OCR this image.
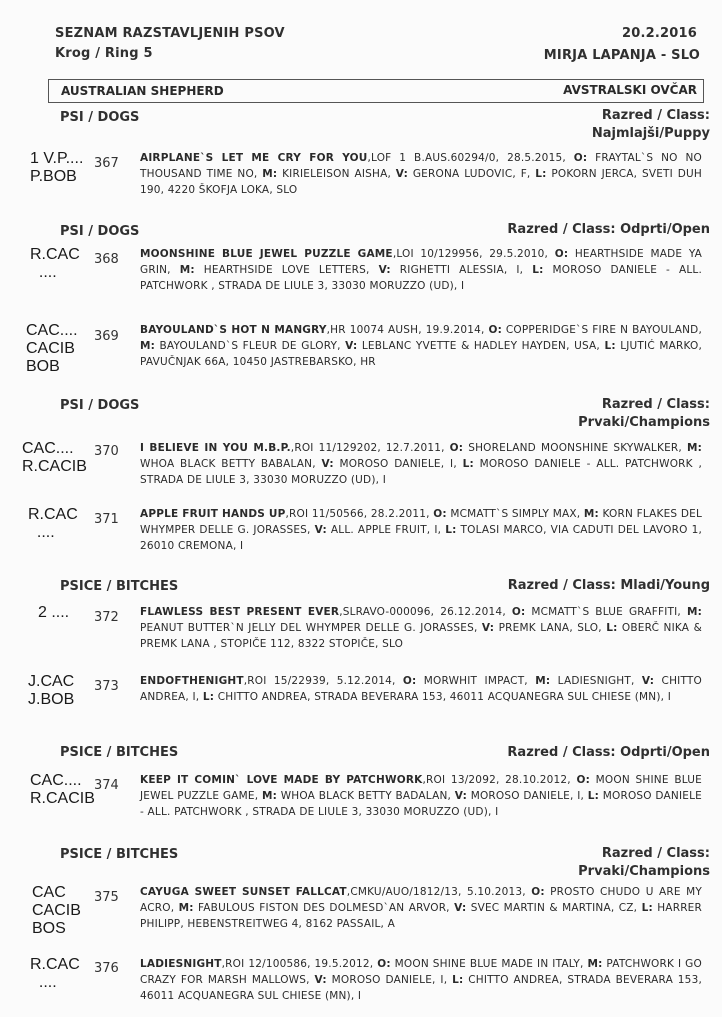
SEZNAM RAZSTAVLJENIH PSOV
Krog / Ring 5
20.2.2016
MIRJA LAPANJA - SLO
AUSTRALIAN SHEPHERD	AVSTRALSKI OVČAR
PSI / DOGS	Razred / Class:
Najmlajši/Puppy
PSI / DOGS	Razred / Class: Odprti/Open
PSI / DOGS	Razred / Class:
Prvaki/Champions
PSICE / BITCHES	Razred / Class: Mladi/Young
PSICE / BITCHES	Razred / Class: Odprti/Open
PSICE / BITCHES	Razred / Class:
Prvaki/Champions
1 V.P....
P.BOB
367 AIRPLANE`S LET ME CRY FOR YOU,LOF 1 B.AUS.60294/0, 28.5.2015, O: FRAYTAL`S NO NO THOUSAND TIME NO, M: KIRIELEISON AISHA, V: GERONA LUDOVIC, F, L: POKORN JERCA, SVETI DUH 190, 4220 ŠKOFJA LOKA, SLO
R.CAC
....
368 MOONSHINE BLUE JEWEL PUZZLE GAME,LOI 10/129956, 29.5.2010, O: HEARTHSIDE MADE YA GRIN, M: HEARTHSIDE LOVE LETTERS, V: RIGHETTI ALESSIA, I, L: MOROSO DANIELE - ALL. PATCHWORK , STRADA DE LIULE 3, 33030 MORUZZO (UD), I
CAC....
CACIB
BOB
369 BAYOULAND`S HOT N MANGRY,HR 10074 AUSH, 19.9.2014, O: COPPERIDGE`S FIRE N BAYOULAND, M: BAYOULAND`S FLEUR DE GLORY, V: LEBLANC YVETTE & HADLEY HAYDEN, USA, L: LJUTIĆ MARKO, PAVUČNJAK 66A, 10450 JASTREBARSKO, HR
CAC....
R.CACIB
370 I BELIEVE IN YOU M.B.P.,ROI 11/129202, 12.7.2011, O: SHORELAND MOONSHINE SKYWALKER, M: WHOA BLACK BETTY BABALAN, V: MOROSO DANIELE, I, L: MOROSO DANIELE - ALL. PATCHWORK , STRADA DE LIULE 3, 33030 MORUZZO (UD), I
R.CAC
....
371 APPLE FRUIT HANDS UP,ROI 11/50566, 28.2.2011, O: MCMATT`S SIMPLY MAX, M: KORN FLAKES DEL WHYMPER DELLE G. JORASSES, V: ALL. APPLE FRUIT, I, L: TOLASI MARCO, VIA CADUTI DEL LAVORO 1, 26010 CREMONA, I
2 .... 372 FLAWLESS BEST PRESENT EVER,SLRAVO-000096, 26.12.2014, O: MCMATT`S BLUE GRAFFITI, M: PEANUT BUTTER`N JELLY DEL WHYMPER DELLE G. JORASSES, V: PREMK LANA, SLO, L: OBERČ NIKA & PREMK LANA , STOPIČE 112, 8322 STOPIČE, SLO
J.CAC
J.BOB
373 ENDOFTHENIGHT,ROI 15/22939, 5.12.2014, O: MORWHIT IMPACT, M: LADIESNIGHT, V: CHITTO ANDREA, I, L: CHITTO ANDREA, STRADA BEVERARA 153, 46011 ACQUANEGRA SUL CHIESE (MN), I
CAC....
R.CACIB
374 KEEP IT COMIN` LOVE MADE BY PATCHWORK,ROI 13/2092, 28.10.2012, O: MOON SHINE BLUE JEWEL PUZZLE GAME, M: WHOA BLACK BETTY BADALAN, V: MOROSO DANIELE, I, L: MOROSO DANIELE - ALL. PATCHWORK , STRADA DE LIULE 3, 33030 MORUZZO (UD), I
CAC
CACIB
BOS
375 CAYUGA SWEET SUNSET FALLCAT,CMKU/AUO/1812/13, 5.10.2013, O: PROSTO CHUDO U ARE MY ACRO, M: FABULOUS FISTON DES DOLMESD`AN ARVOR, V: SVEC MARTIN & MARTINA, CZ, L: HARRER PHILIPP, HEBENSTREITWEG 4, 8162 PASSAIL, A
R.CAC
....
376 LADIESNIGHT,ROI 12/100586, 19.5.2012, O: MOON SHINE BLUE MADE IN ITALY, M: PATCHWORK I GO CRAZY FOR MARSH MALLOWS, V: MOROSO DANIELE, I, L: CHITTO ANDREA, STRADA BEVERARA 153, 46011 ACQUANEGRA SUL CHIESE (MN), I
